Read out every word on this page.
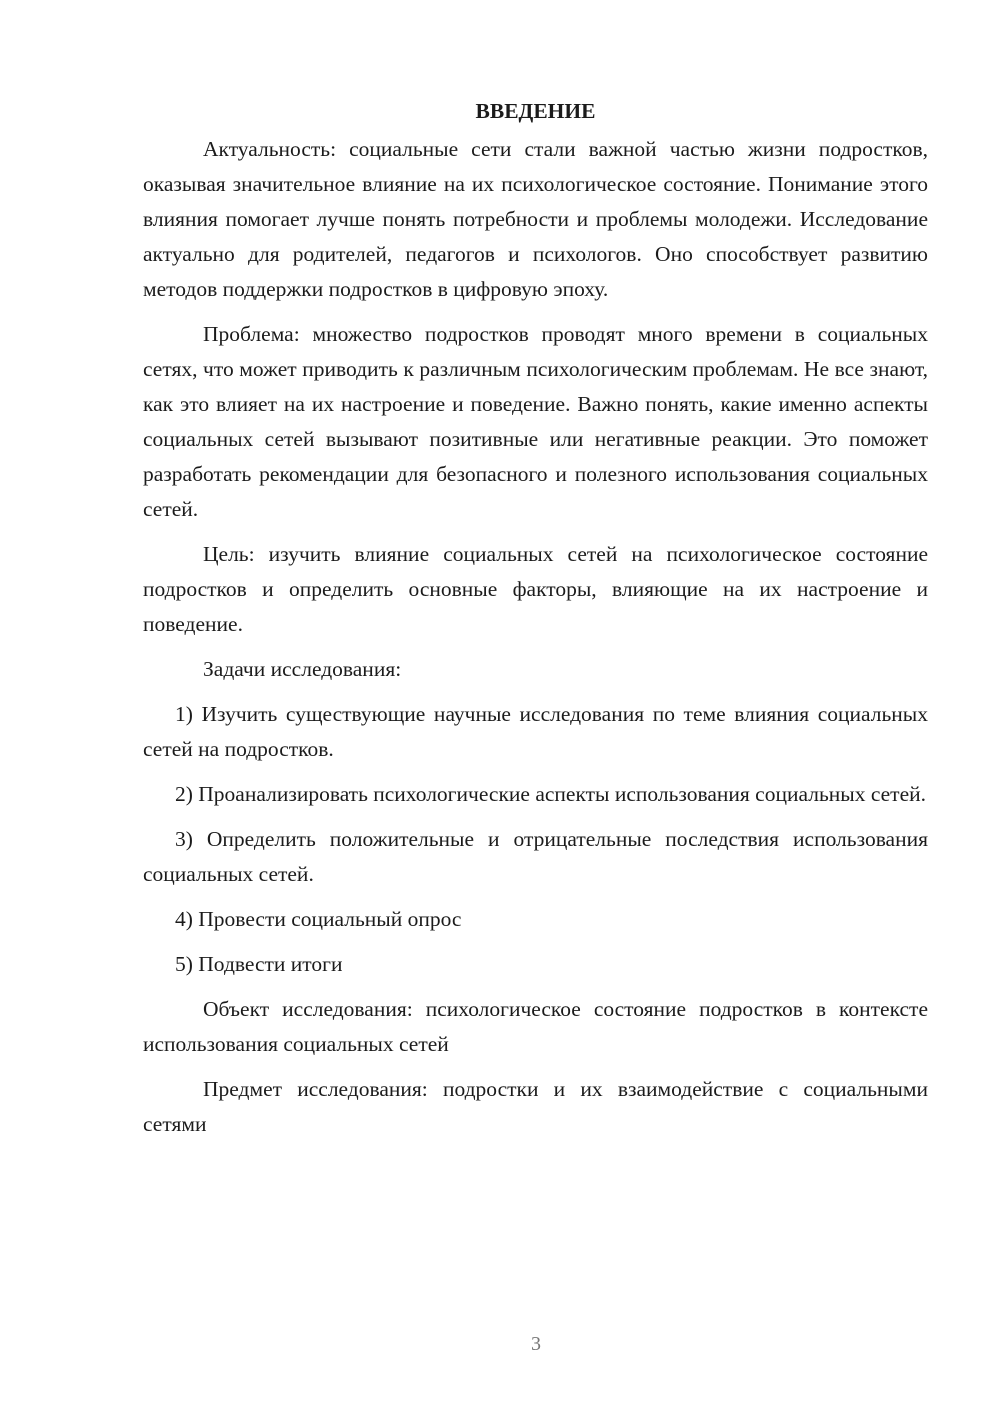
ВВЕДЕНИЕ

Актуальность: социальные сети стали важной частью жизни подростков, оказывая значительное влияние на их психологическое состояние. Понимание этого влияния помогает лучше понять потребности и проблемы молодежи. Исследование актуально для родителей, педагогов и психологов. Оно способствует развитию методов поддержки подростков в цифровую эпоху.

Проблема: множество подростков проводят много времени в социальных сетях, что может приводить к различным психологическим проблемам. Не все знают, как это влияет на их настроение и поведение. Важно понять, какие именно аспекты социальных сетей вызывают позитивные или негативные реакции. Это поможет разработать рекомендации для безопасного и полезного использования социальных сетей.

Цель: изучить влияние социальных сетей на психологическое состояние подростков и определить основные факторы, влияющие на их настроение и поведение.

Задачи исследования:

1) Изучить существующие научные исследования по теме влияния социальных сетей на подростков.

2) Проанализировать психологические аспекты использования социальных сетей.

3) Определить положительные и отрицательные последствия использования социальных сетей.

4) Провести социальный опрос

5) Подвести итоги

Объект исследования: психологическое состояние подростков в контексте использования социальных сетей

Предмет исследования: подростки и их взаимодействие с социальными сетями

3
